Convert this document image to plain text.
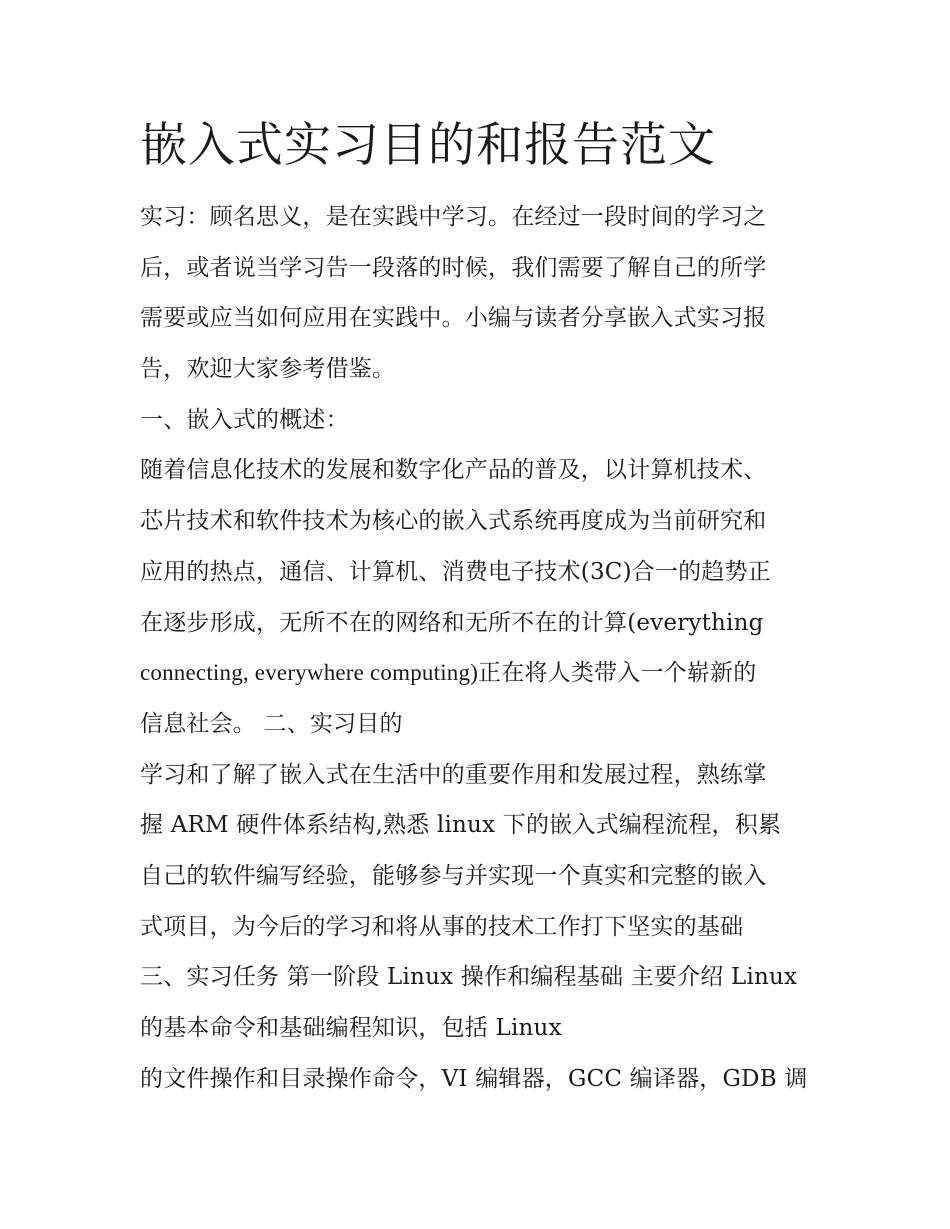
嵌入式实习目的和报告范文
实习：顾名思义，是在实践中学习。在经过一段时间的学习之
后，或者说当学习告一段落的时候，我们需要了解自己的所学
需要或应当如何应用在实践中。小编与读者分享嵌入式实习报
告，欢迎大家参考借鉴。
一、嵌入式的概述：
随着信息化技术的发展和数字化产品的普及，以计算机技术、
芯片技术和软件技术为核心的嵌入式系统再度成为当前研究和
应用的热点，通信、计算机、消费电子技术(3C)合一的趋势正
在逐步形成，无所不在的网络和无所不在的计算(everything
connecting, everywhere computing)正在将人类带入一个崭新的
信息社会。 二、实习目的
学习和了解了嵌入式在生活中的重要作用和发展过程，熟练掌
握 ARM 硬件体系结构,熟悉 linux 下的嵌入式编程流程，积累
自己的软件编写经验，能够参与并实现一个真实和完整的嵌入
式项目，为今后的学习和将从事的技术工作打下坚实的基础
三、实习任务 第一阶段 Linux 操作和编程基础 主要介绍 Linux
的基本命令和基础编程知识，包括 Linux
的文件操作和目录操作命令，VI 编辑器，GCC 编译器，GDB 调
